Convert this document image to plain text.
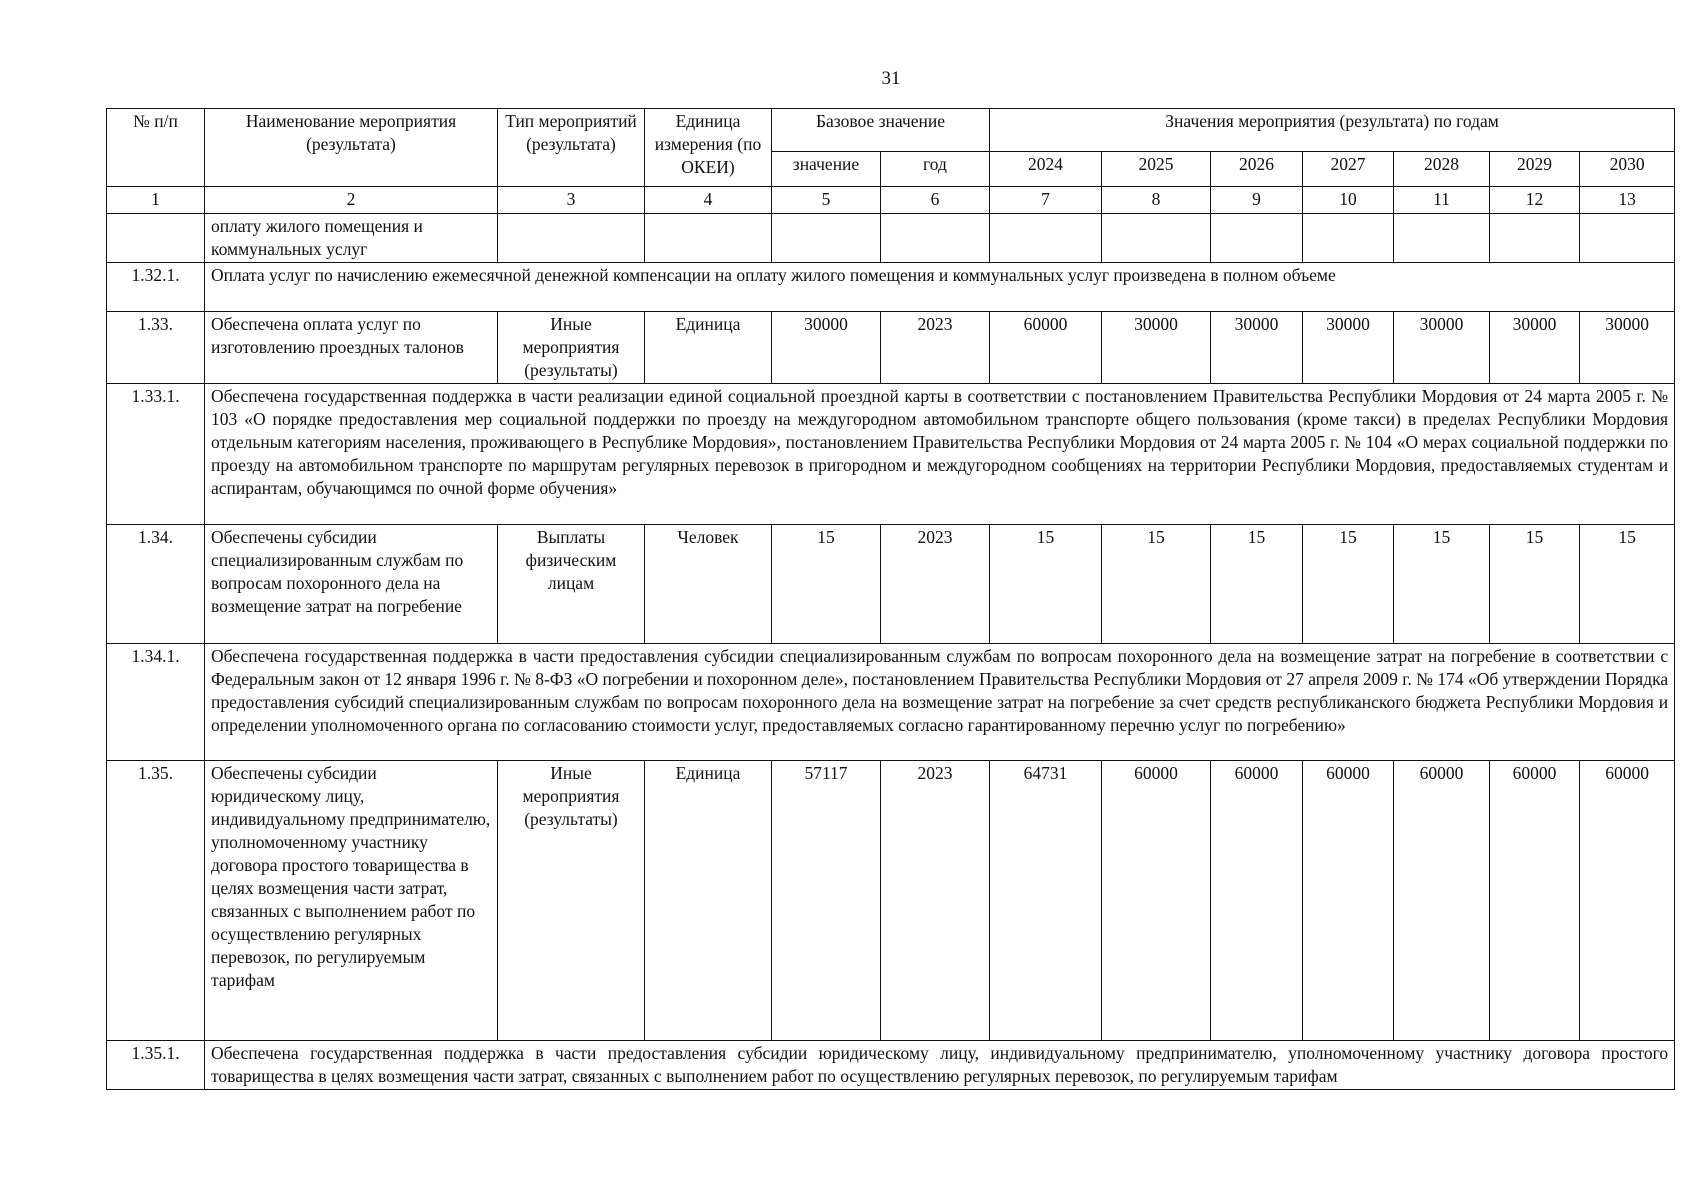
31
№ п/п	Наименование мероприятия (результата)	Тип мероприятий (результата)	Единица измерения (по ОКЕИ)	Базовое значение		Значения мероприятия (результата) по годам						
				значение	год	2024	2025	2026	2027	2028	2029	2030
1	2	3	4	5	6	7	8	9	10	11	12	13
	оплату жилого помещения и коммунальных услуг											
1.32.1.	Оплата услуг по начислению ежемесячной денежной компенсации на оплату жилого помещения и коммунальных услуг произведена в полном объеме											
1.33.	Обеспечена оплата услуг по изготовлению проездных талонов	Иные мероприятия (результаты)	Единица	30000	2023	60000	30000	30000	30000	30000	30000	30000
1.33.1.	Обеспечена государственная поддержка в части реализации единой социальной проездной карты в соответствии с постановлением Правительства Республики Мордовия от 24 марта 2005 г. № 103 «О порядке предоставления мер социальной поддержки по проезду на междугородном автомобильном транспорте общего пользования (кроме такси) в пределах Республики Мордовия отдельным категориям населения, проживающего в Республике Мордовия», постановлением Правительства Республики Мордовия от 24 марта 2005 г. № 104 «О мерах социальной поддержки по проезду на автомобильном транспорте по маршрутам регулярных перевозок в пригородном и междугородном сообщениях на территории Республики Мордовия, предоставляемых студентам и аспирантам, обучающимся по очной форме обучения»											
1.34.	Обеспечены субсидии специализированным службам по вопросам похоронного дела на возмещение затрат на погребение	Выплаты физическим лицам	Человек	15	2023	15	15	15	15	15	15	15
1.34.1.	Обеспечена государственная поддержка в части предоставления субсидии специализированным службам по вопросам похоронного дела на возмещение затрат на погребение в соответствии с Федеральным закон от 12 января 1996 г. № 8-ФЗ «О погребении и похоронном деле», постановлением Правительства Республики Мордовия от 27 апреля 2009 г. № 174 «Об утверждении Порядка предоставления субсидий специализированным службам по вопросам похоронного дела на возмещение затрат на погребение за счет средств республиканского бюджета Республики Мордовия и определении уполномоченного органа по согласованию стоимости услуг, предоставляемых согласно гарантированному перечню услуг по погребению»											
1.35.	Обеспечены субсидии юридическому лицу, индивидуальному предпринимателю, уполномоченному участнику договора простого товарищества в целях возмещения части затрат, связанных с выполнением работ по осуществлению регулярных перевозок, по регулируемым тарифам	Иные мероприятия (результаты)	Единица	57117	2023	64731	60000	60000	60000	60000	60000	60000
1.35.1.	Обеспечена государственная поддержка в части предоставления субсидии юридическому лицу, индивидуальному предпринимателю, уполномоченному участнику договора простого товарищества в целях возмещения части затрат, связанных с выполнением работ по осуществлению регулярных перевозок, по регулируемым тарифам											
